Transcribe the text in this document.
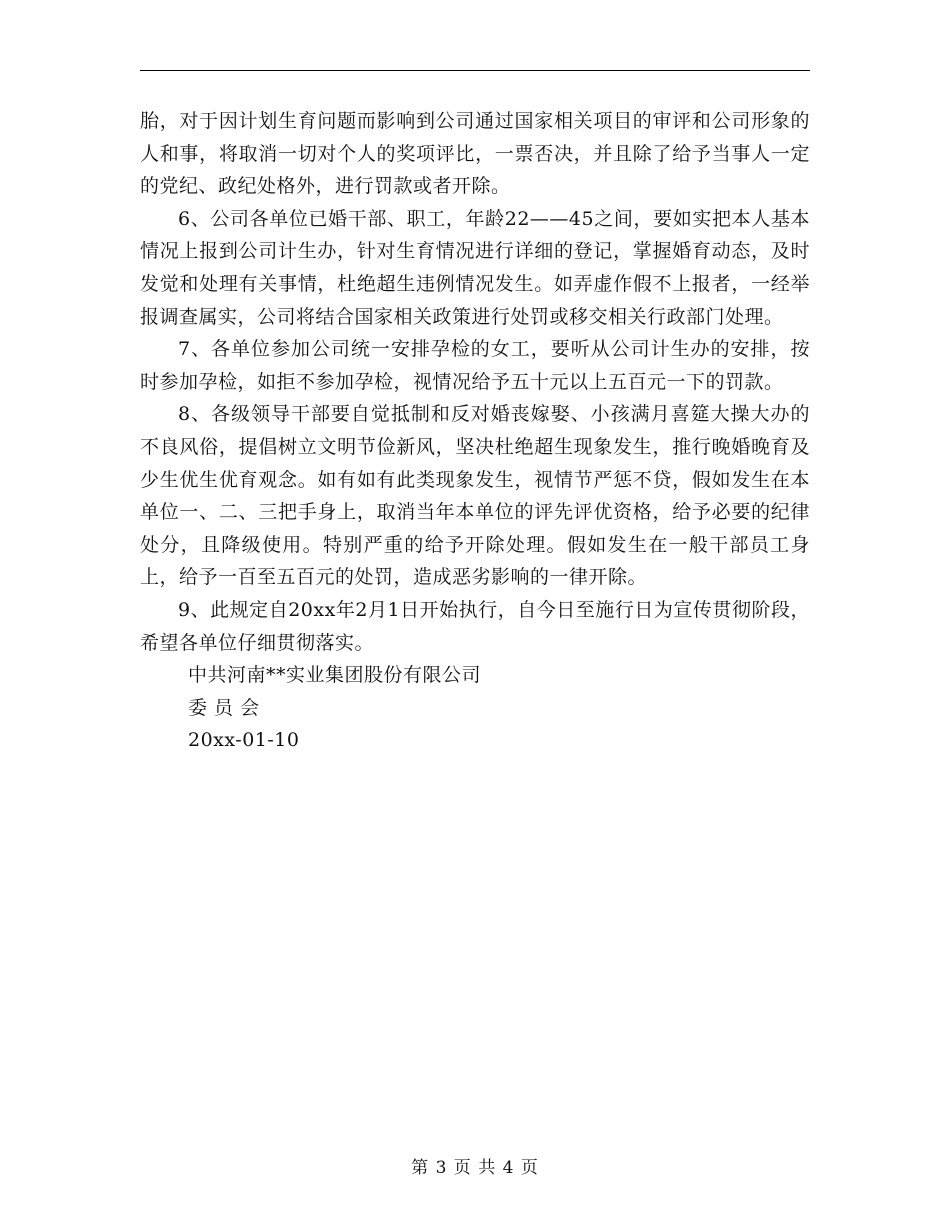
胎，对于因计划生育问题而影响到公司通过国家相关项目的审评和公司形象的人和事，将取消一切对个人的奖项评比，一票否决，并且除了给予当事人一定的党纪、政纪处格外，进行罚款或者开除。

6、公司各单位已婚干部、职工，年龄22——45之间，要如实把本人基本情况上报到公司计生办，针对生育情况进行详细的登记，掌握婚育动态，及时发觉和处理有关事情，杜绝超生违例情况发生。如弄虚作假不上报者，一经举报调查属实，公司将结合国家相关政策进行处罚或移交相关行政部门处理。

7、各单位参加公司统一安排孕检的女工，要听从公司计生办的安排，按时参加孕检，如拒不参加孕检，视情况给予五十元以上五百元一下的罚款。

8、各级领导干部要自觉抵制和反对婚丧嫁娶、小孩满月喜筵大操大办的不良风俗，提倡树立文明节俭新风，坚决杜绝超生现象发生，推行晚婚晚育及少生优生优育观念。如有如有此类现象发生，视情节严惩不贷，假如发生在本单位一、二、三把手身上，取消当年本单位的评先评优资格，给予必要的纪律处分，且降级使用。特别严重的给予开除处理。假如发生在一般干部员工身上，给予一百至五百元的处罚，造成恶劣影响的一律开除。

9、此规定自20xx年2月1日开始执行，自今日至施行日为宣传贯彻阶段，希望各单位仔细贯彻落实。

中共河南**实业集团股份有限公司

委 员 会

20xx-01-10

第 3 页 共 4 页
